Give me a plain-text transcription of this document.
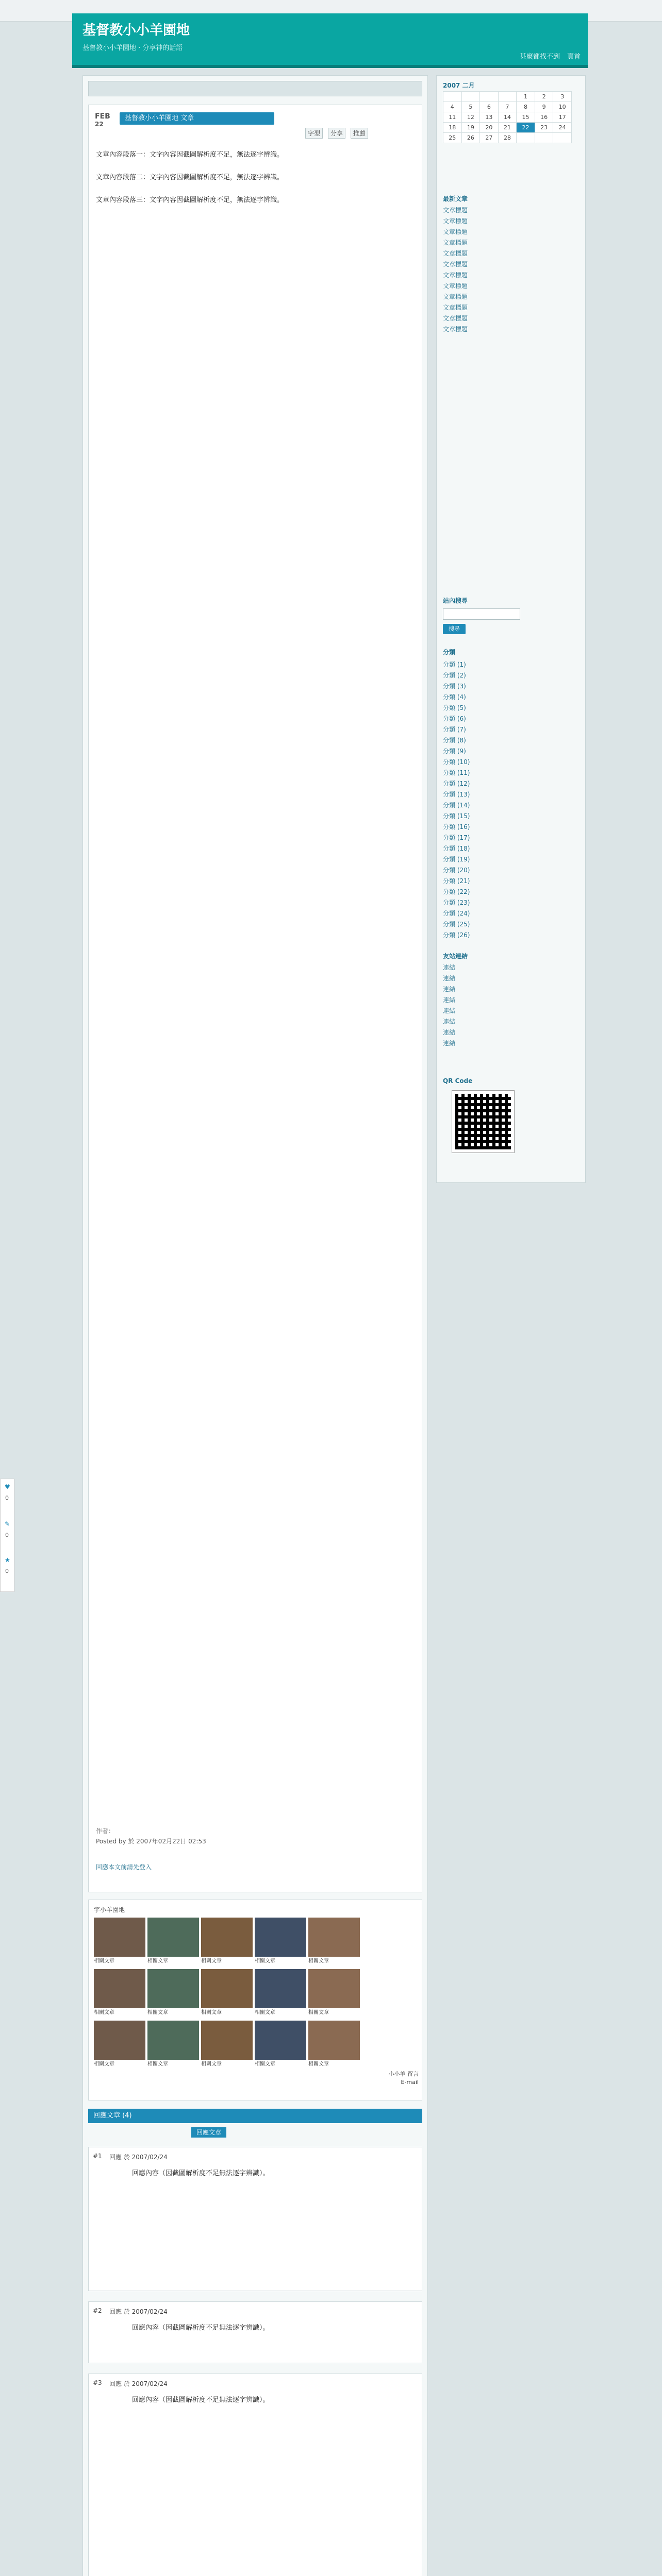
基督教小小羊園地
基督教小小羊園地 · 分享神的話語
甚麼都找不到 頁首
FEB
22
基督教小小羊園地 文章
字型 分享 推薦

文章內容段落一：文字內容因截圖解析度不足，無法逐字辨識。

文章內容段落二：文字內容因截圖解析度不足，無法逐字辨識。

文章內容段落三：文字內容因截圖解析度不足，無法逐字辨識。

作者：
Posted by 於 2007年02月22日 02:53
回應本文前請先登入
字小羊園地
相關文章	相關文章	相關文章	相關文章	相關文章
相關文章	相關文章	相關文章	相關文章	相關文章
相關文章	相關文章	相關文章	相關文章	相關文章
小小羊 留言
E-mail
回應文章 (4)
回應文章
#1 回應 於 2007/02/24
回應內容（因截圖解析度不足無法逐字辨識）。
#2 回應 於 2007/02/24
回應內容（因截圖解析度不足無法逐字辨識）。
#3 回應 於 2007/02/24
回應內容（因截圖解析度不足無法逐字辨識）。
2007 二月
				1	2	3
4	5	6	7	8	9	10
11	12	13	14	15	16	17
18	19	20	21	22	23	24
25	26	27	28			
最新文章
文章標題
文章標題
文章標題
文章標題
文章標題
文章標題
文章標題
文章標題
文章標題
文章標題
文章標題
文章標題
站內搜尋
搜尋
分類
分類 (1)
分類 (2)
分類 (3)
分類 (4)
分類 (5)
分類 (6)
分類 (7)
分類 (8)
分類 (9)
分類 (10)
分類 (11)
分類 (12)
分類 (13)
分類 (14)
分類 (15)
分類 (16)
分類 (17)
分類 (18)
分類 (19)
分類 (20)
分類 (21)
分類 (22)
分類 (23)
分類 (24)
分類 (25)
分類 (26)
友站連結
連結
連結
連結
連結
連結
連結
連結
連結
QR Code
♥
0
✎
0
★
0
